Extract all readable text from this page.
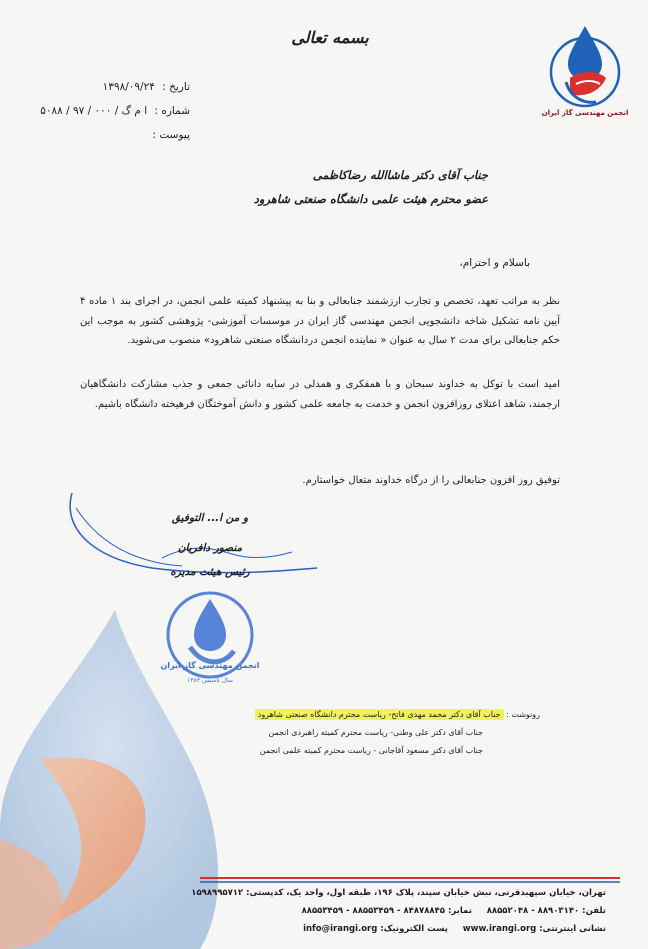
انجمن مهندسی گاز ایران
بسمه تعالی
تاریخ : ۱۳۹۸/۰۹/۲۴
شماره : ا م گ / ۰۰۰ / ۹۷ / ۵۰۸۸
پیوست :
جناب آقای دکتر ماشاالله رضاکاظمی
عضو محترم هیئت علمی دانشگاه صنعتی شاهرود
باسلام و احترام،
نظر به مراتب تعهد، تخصص و تجارب ارزشمند جنابعالی و بنا به پیشنهاد کمیته علمی انجمن، در اجرای بند ۱ ماده ۴ آیین نامه تشکیل شاخه دانشجویی انجمن مهندسی گاز ایران در موسسات آموزشی- پژوهشی کشور به موجب این حکم جنابعالی برای مدت ۲ سال به عنوان « نماینده انجمن دردانشگاه صنعتی شاهرود» منصوب می‌شوید.
امید است با توکل به خداوند سبحان و با همفکری و همدلی در سایه دانائی جمعی و جذب مشارکت دانشگاهیان ارجمند، شاهد اعتلای روزافزون انجمن و خدمت به جامعه علمی کشور و دانش آموختگان فرهیخته دانشگاه باشیم.
توفیق روز افزون جنابعالی را از درگاه خداوند متعال خواستارم.
و من ا... التوفیق
منصور دافریان
رئیس هیئت مدیره
انجمن مهندسی گاز ایران
سال تاسیس ۱۳۸۳
رونوشت : جناب آقای دکتر محمد مهدی فاتح- ریاست محترم دانشگاه صنعتی شاهرود
جناب آقای دکتر علی وطنی- ریاست محترم کمیته راهبردی انجمن
جناب آقای دکتر مسعود آقاجانی - ریاست محترم کمیته علمی انجمن
تهران، خیابان سپهبدقرنی، نبش خیابان سپند، پلاک ۱۹۶، طبقه اول، واحد یک، کدپستی: ۱۵۹۸۹۹۵۷۱۲
تلفن: ۸۸۵۵۲۰۴۸ - ۸۸۹۰۳۱۴۰     نمابر: ۸۸۵۵۳۴۵۹ - ۸۸۵۵۳۴۵۹ - ۸۴۸۷۸۸۴۵
نشانی اینترنتی: www.irangi.org     پست الکترونیک: info@irangi.org
